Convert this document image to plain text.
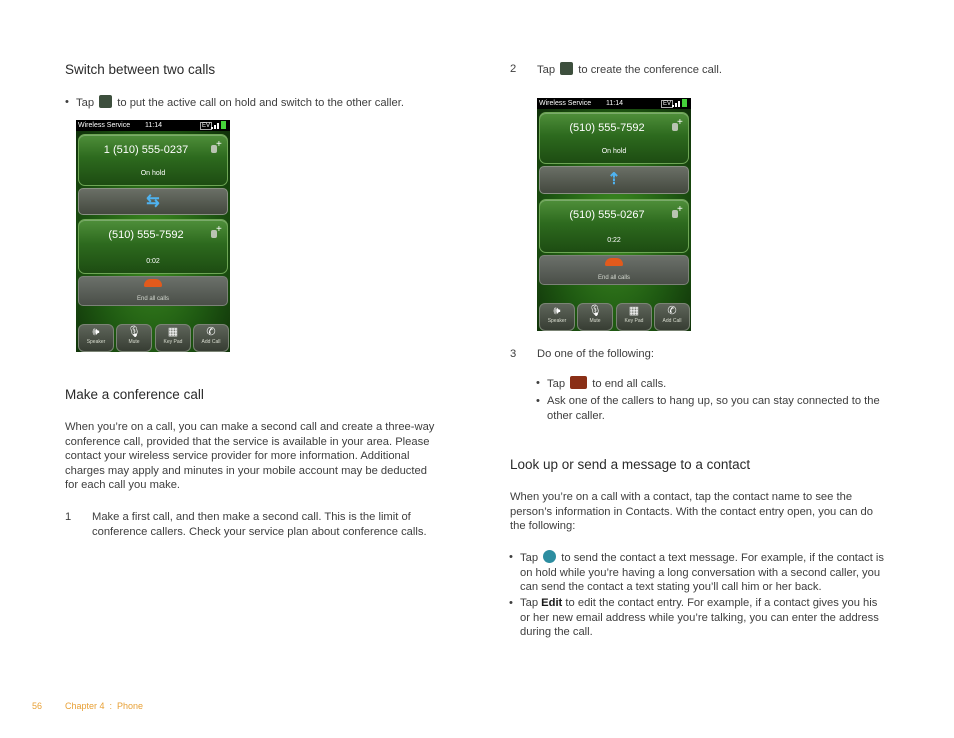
Switch between two calls
• Tap to put the active call on hold and switch to the other caller.
Wireless Service 11:14	EV
1 (510) 555-0237
+
On hold
⇆
(510) 555-7592
+
0:02
End all calls
🕪
Speaker
🎙
Mute
▦
Key Pad
✆
Add Call
Make a conference call

When you’re on a call, you can make a second call and create a three-way conference call, provided that the service is available in your area. Please contact your wireless service provider for more information. Additional charges may apply and minutes in your mobile account may be deducted for each call you make.

1 Make a first call, and then make a second call. This is the limit of conference callers. Check your service plan about conference calls.
2 Tap to create the conference call.
Wireless Service 11:14	EV
(510) 555-7592
+
On hold
⇡
(510) 555-0267
+
0:22
End all calls
🕪
Speaker
🎙
Mute
▦
Key Pad
✆
Add Call
3 Do one of the following:
• Tap to end all calls.
• Ask one of the callers to hang up, so you can stay connected to the other caller.
Look up or send a message to a contact

When you’re on a call with a contact, tap the contact name to see the person’s information in Contacts. With the contact entry open, you can do the following:

• Tap to send the contact a text message. For example, if the contact is on hold while you’re having a long conversation with a second caller, you can send the contact a text stating you’ll call him or her back.
• Tap Edit to edit the contact entry. For example, if a contact gives you his or her new email address while you’re talking, you can enter the address during the call.
56	Chapter 4  :  Phone
